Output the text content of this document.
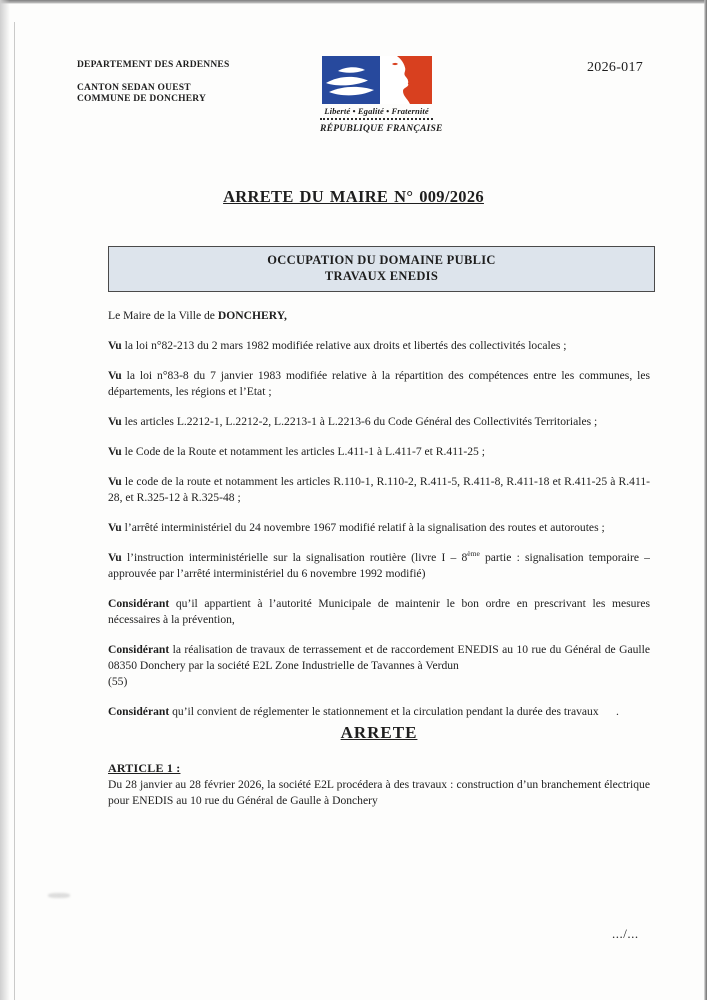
DEPARTEMENT DES ARDENNES
CANTON SEDAN OUEST
COMMUNE DE DONCHERY
Liberté • Egalité • Fraternité
RÉPUBLIQUE FRANÇAISE
2026-017
ARRETE DU MAIRE N° 009/2026
OCCUPATION DU DOMAINE PUBLIC
TRAVAUX ENEDIS

Le Maire de la Ville de DONCHERY,

Vu la loi n°82-213 du 2 mars 1982 modifiée relative aux droits et libertés des collectivités locales ;

Vu la loi n°83-8 du 7 janvier 1983 modifiée relative à la répartition des compétences entre les communes, les départements, les régions et l’Etat ;

Vu les articles L.2212-1, L.2212-2, L.2213-1 à L.2213-6 du Code Général des Collectivités Territoriales ;

Vu le Code de la Route et notamment les articles L.411-1 à L.411-7 et R.411-25 ;

Vu le code de la route et notamment les articles R.110-1, R.110-2, R.411-5, R.411-8, R.411-18 et R.411-25 à R.411-28, et R.325-12 à R.325-48 ;

Vu l’arrêté interministériel du 24 novembre 1967 modifié relatif à la signalisation des routes et autoroutes ;

Vu l’instruction interministérielle sur la signalisation routière (livre I – 8ème partie : signalisation temporaire – approuvée par l’arrêté interministériel du 6 novembre 1992 modifié)

Considérant qu’il appartient à l’autorité Municipale de maintenir le bon ordre en prescrivant les mesures nécessaires à la prévention,

Considérant la réalisation de travaux de terrassement et de raccordement ENEDIS au 10 rue du Général de Gaulle 08350 Donchery par la société E2L Zone Industrielle de Tavannes à Verdun
(55)

Considérant qu’il convient de réglementer le stationnement et la circulation pendant la durée des travaux  .

ARRETE
ARTICLE 1 :

Du 28 janvier au 28 février 2026, la société E2L procédera à des travaux : construction d’un branchement électrique pour ENEDIS au 10 rue du Général de Gaulle à Donchery

.../...
